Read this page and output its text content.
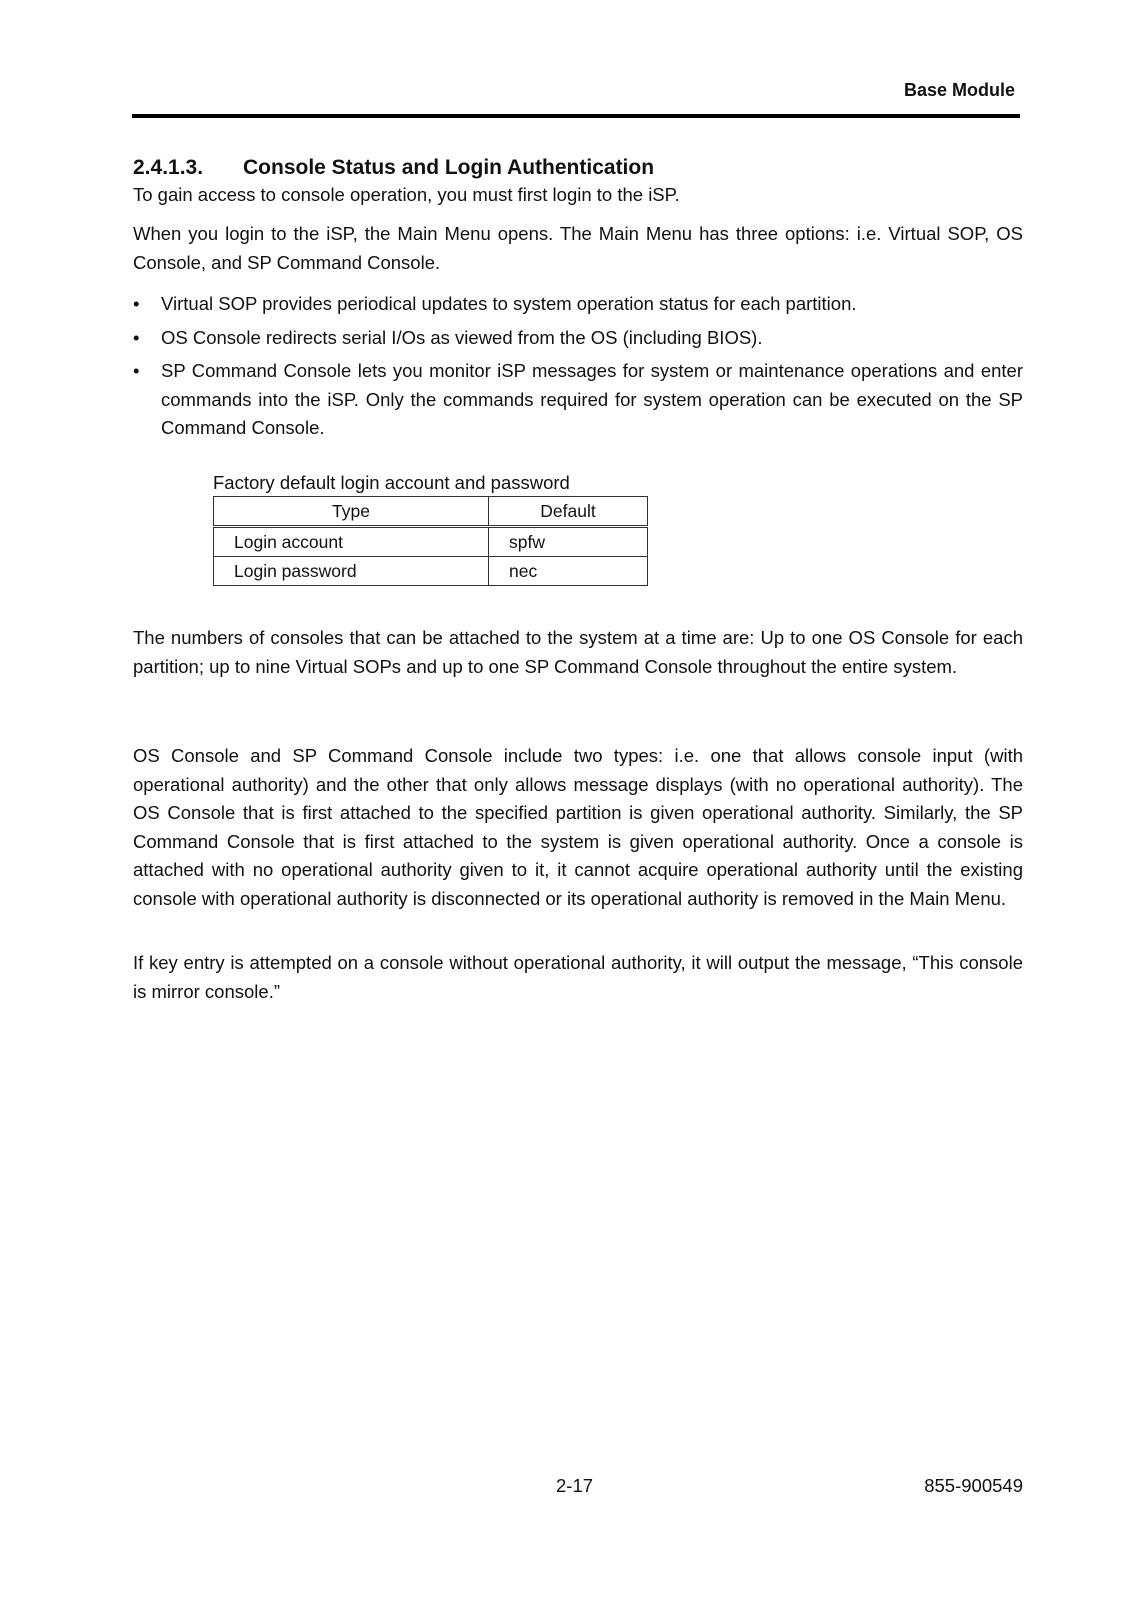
Base Module
2.4.1.3. Console Status and Login Authentication

To gain access to console operation, you must first login to the iSP.

When you login to the iSP, the Main Menu opens. The Main Menu has three options: i.e. Virtual SOP, OS Console, and SP Command Console.

• Virtual SOP provides periodical updates to system operation status for each partition.
• OS Console redirects serial I/Os as viewed from the OS (including BIOS).
• SP Command Console lets you monitor iSP messages for system or maintenance operations and enter commands into the iSP. Only the commands required for system operation can be executed on the SP Command Console.
Factory default login account and password
Type	Default
Login account	spfw
Login password	nec

The numbers of consoles that can be attached to the system at a time are: Up to one OS Console for each partition; up to nine Virtual SOPs and up to one SP Command Console throughout the entire system.

OS Console and SP Command Console include two types: i.e. one that allows console input (with operational authority) and the other that only allows message displays (with no operational authority). The OS Console that is first attached to the specified partition is given operational authority. Similarly, the SP Command Console that is first attached to the system is given operational authority. Once a console is attached with no operational authority given to it, it cannot acquire operational authority until the existing console with operational authority is disconnected or its operational authority is removed in the Main Menu.

If key entry is attempted on a console without operational authority, it will output the message, “This console is mirror console.”

2-17	855-900549
